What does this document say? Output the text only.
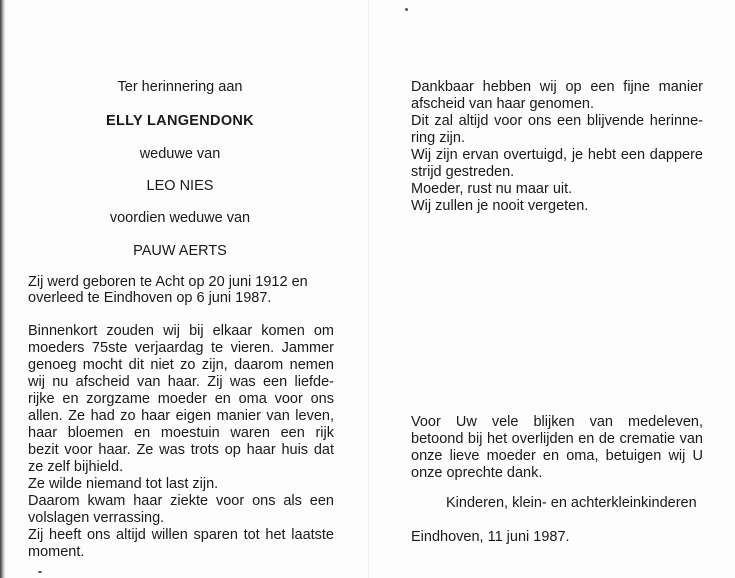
Ter herinnering aan
ELLY LANGENDONK
weduwe van
LEO NIES
voordien weduwe van
PAUW AERTS
Zij werd geboren te Acht op 20 juni 1912 en
overleed te Eindhoven op 6 juni 1987.
Binnenkort zouden wij bij elkaar komen om
moeders 75ste verjaardag te vieren. Jammer
genoeg mocht dit niet zo zijn, daarom nemen
wij nu afscheid van haar. Zij was een liefde-
rijke en zorgzame moeder en oma voor ons
allen. Ze had zo haar eigen manier van leven,
haar bloemen en moestuin waren een rijk
bezit voor haar. Ze was trots op haar huis dat
ze zelf bijhield.
Ze wilde niemand tot last zijn.
Daarom kwam haar ziekte voor ons als een
volslagen verrassing.
Zij heeft ons altijd willen sparen tot het laatste
moment.
Dankbaar hebben wij op een fijne manier
afscheid van haar genomen.
Dit zal altijd voor ons een blijvende herinne-
ring zijn.
Wij zijn ervan overtuigd, je hebt een dappere
strijd gestreden.
Moeder, rust nu maar uit.
Wij zullen je nooit vergeten.
Voor Uw vele blijken van medeleven,
betoond bij het overlijden en de crematie van
onze lieve moeder en oma, betuigen wij U
onze oprechte dank.
Kinderen, klein- en achterkleinkinderen
Eindhoven, 11 juni 1987.
